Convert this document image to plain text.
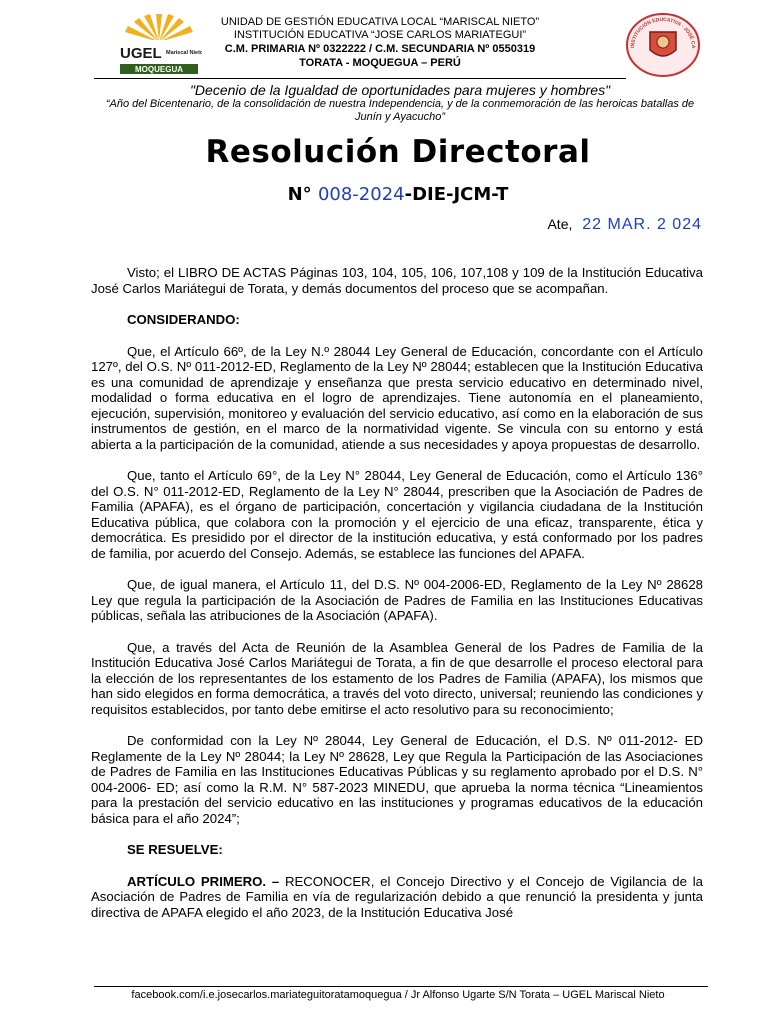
UGEL Mariscal Nieto
MOQUEGUA
INSTITUCIÓN EDUCATIVA · JOSÉ CA
UNIDAD DE GESTIÓN EDUCATIVA LOCAL “MARISCAL NIETO”
INSTITUCIÓN EDUCATIVA “JOSE CARLOS MARIATEGUI”
C.M. PRIMARIA Nº 0322222 / C.M. SECUNDARIA Nº 0550319
TORATA - MOQUEGUA – PERÚ
"Decenio de la Igualdad de oportunidades para mujeres y hombres"
“Año del Bicentenario, de la consolidación de nuestra Independencia, y de la conmemoración de las heroicas batallas de Junín y Ayacucho”
Resolución Directoral
N° 008-2024-DIE-JCM-T
Ate, 22 MAR. 2 024

Visto; el LIBRO DE ACTAS Páginas 103, 104, 105, 106, 107,108 y 109 de la Institución Educativa José Carlos Mariátegui de Torata, y demás documentos del proceso que se acompañan.

CONSIDERANDO:

Que, el Artículo 66º, de la Ley N.º 28044 Ley General de Educación, concordante con el Artículo 127º, del O.S. Nº 011-2012-ED, Reglamento de la Ley Nº 28044; establecen que la Institución Educativa es una comunidad de aprendizaje y enseñanza que presta servicio educativo en determinado nivel, modalidad o forma educativa en el logro de aprendizajes. Tiene autonomía en el planeamiento, ejecución, supervisión, monitoreo y evaluación del servicio educativo, así como en la elaboración de sus instrumentos de gestión, en el marco de la normatividad vigente. Se vincula con su entorno y está abierta a la participación de la comunidad, atiende a sus necesidades y apoya propuestas de desarrollo.

Que, tanto el Artículo 69°, de la Ley N° 28044, Ley General de Educación, como el Artículo 136° del O.S. N° 011-2012-ED, Reglamento de la Ley N° 28044, prescriben que la Asociación de Padres de Familia (APAFA), es el órgano de participación, concertación y vigilancia ciudadana de la Institución Educativa pública, que colabora con la promoción y el ejercicio de una eficaz, transparente, ética y democrática. Es presidido por el director de la institución educativa, y está conformado por los padres de familia, por acuerdo del Consejo. Además, se establece las funciones del APAFA.

Que, de igual manera, el Artículo 11, del D.S. Nº 004-2006-ED, Reglamento de la Ley Nº 28628 Ley que regula la participación de la Asociación de Padres de Familia en las Instituciones Educativas públicas, señala las atribuciones de la Asociación (APAFA).

Que, a través del Acta de Reunión de la Asamblea General de los Padres de Familia de la Institución Educativa José Carlos Mariátegui de Torata, a fin de que desarrolle el proceso electoral para la elección de los representantes de los estamento de los Padres de Familia (APAFA), los mismos que han sido elegidos en forma democrática, a través del voto directo, universal; reuniendo las condiciones y requisitos establecidos, por tanto debe emitirse el acto resolutivo para su reconocimiento;

De conformidad con la Ley Nº 28044, Ley General de Educación, el D.S. Nº 011-2012- ED Reglamente de la Ley Nº 28044; la Ley Nº 28628, Ley que Regula la Participación de las Asociaciones de Padres de Familia en las Instituciones Educativas Públicas y su reglamento aprobado por el D.S. N° 004-2006- ED; así como la R.M. N° 587-2023 MINEDU, que aprueba la norma técnica “Lineamientos para la prestación del servicio educativo en las instituciones y programas educativos de la educación básica para el año 2024”;

SE RESUELVE:

ARTÍCULO PRIMERO. – RECONOCER, el Concejo Directivo y el Concejo de Vigilancia de la Asociación de Padres de Familia en vía de regularización debido a que renunció la presidenta y junta directiva de APAFA elegido el año 2023, de la Institución Educativa José

facebook.com/i.e.josecarlos.mariateguitoratamoquegua / Jr Alfonso Ugarte S/N Torata – UGEL Mariscal Nieto
